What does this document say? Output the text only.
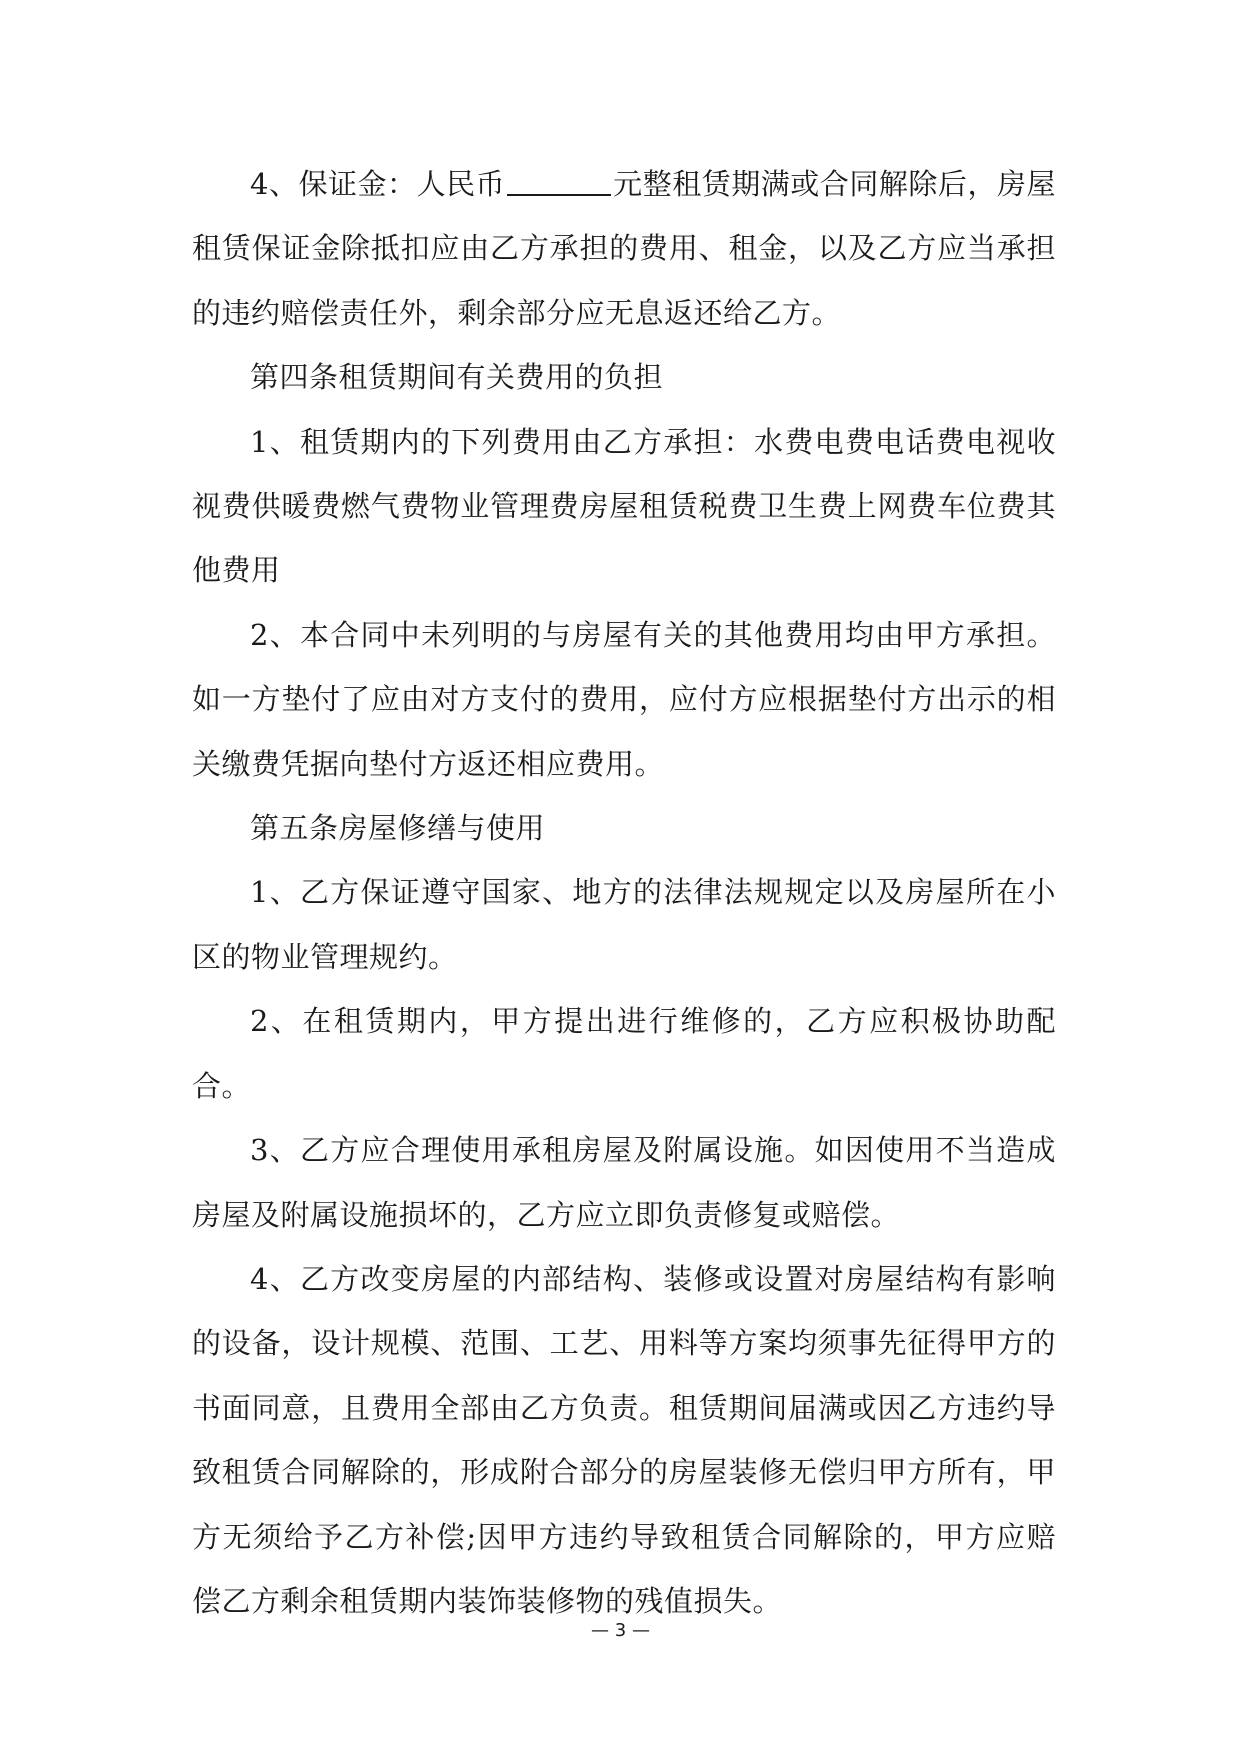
4、保证金：人民币	元整租赁期满或合同解除后，房屋租赁保证金除抵扣应由乙方承担的费用、租金，以及乙方应当承担的违约赔偿责任外，剩余部分应无息返还给乙方。

第四条租赁期间有关费用的负担

1、租赁期内的下列费用由乙方承担：水费电费电话费电视收视费供暖费燃气费物业管理费房屋租赁税费卫生费上网费车位费其他费用

2、本合同中未列明的与房屋有关的其他费用均由甲方承担。如一方垫付了应由对方支付的费用，应付方应根据垫付方出示的相关缴费凭据向垫付方返还相应费用。

第五条房屋修缮与使用

1、乙方保证遵守国家、地方的法律法规规定以及房屋所在小区的物业管理规约。

2、在租赁期内，甲方提出进行维修的，乙方应积极协助配合。

3、乙方应合理使用承租房屋及附属设施。如因使用不当造成房屋及附属设施损坏的，乙方应立即负责修复或赔偿。

4、乙方改变房屋的内部结构、装修或设置对房屋结构有影响的设备，设计规模、范围、工艺、用料等方案均须事先征得甲方的书面同意，且费用全部由乙方负责。租赁期间届满或因乙方违约导致租赁合同解除的，形成附合部分的房屋装修无偿归甲方所有，甲方无须给予乙方补偿;因甲方违约导致租赁合同解除的，甲方应赔偿乙方剩余租赁期内装饰装修物的残值损失。

— 3 —
